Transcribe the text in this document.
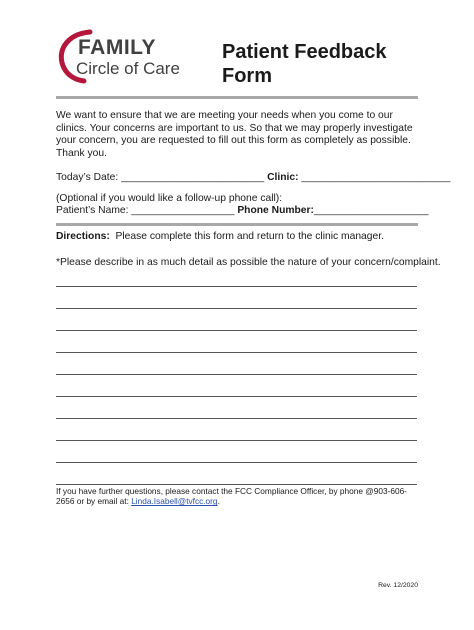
FAMILY
Circle of Care
Patient Feedback
Form
We want to ensure that we are meeting your needs when you come to our clinics. Your concerns are important to us. So that we may properly investigate your concern, you are requested to fill out this form as completely as possible. Thank you.
Today’s Date: _________________________ Clinic: __________________________
(Optional if you would like a follow-up phone call):
Patient’s Name: __________________ Phone Number:____________________
Directions:  Please complete this form and return to the clinic manager.
*Please describe in as much detail as possible the nature of your concern/complaint.
If you have further questions, please contact the FCC Compliance Officer, by phone @903-606-2656 or by email at: Linda.Isabell@tvfcc.org.
Rev. 12/2020
